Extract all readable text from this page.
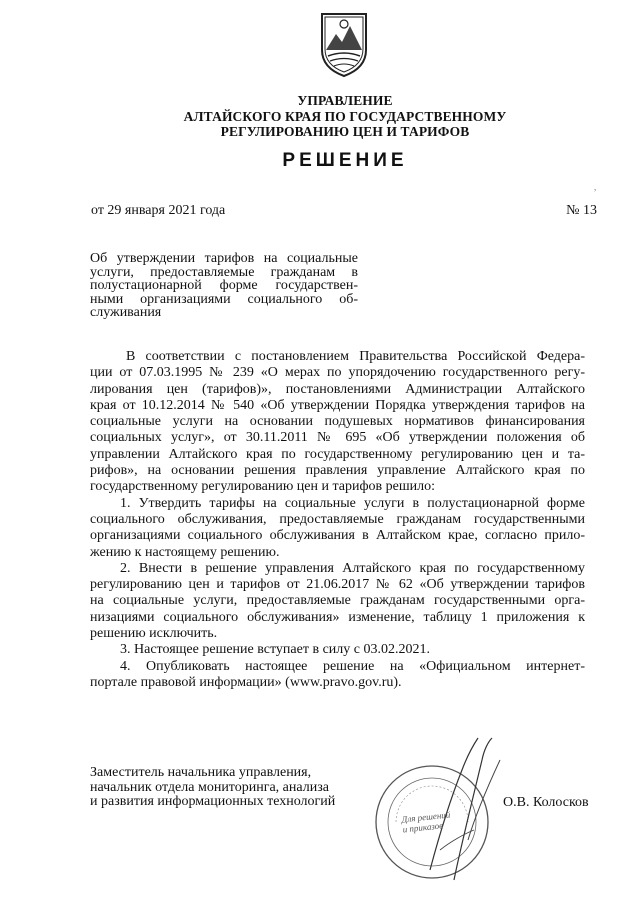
УПРАВЛЕНИЕ
АЛТАЙСКОГО КРАЯ ПО ГОСУДАРСТВЕННОМУ
РЕГУЛИРОВАНИЮ ЦЕН И ТАРИФОВ
РЕШЕНИЕ
,
от 29 января 2021 года	№ 13
Об утверждении тарифов на социальные
услуги, предоставляемые гражданам в
полустационарной форме государствен-
ными организациями социального об-
служивания
В соответствии с постановлением Правительства Российской Федера-
ции от 07.03.1995 № 239 «О мерах по упорядочению государственного регу-
лирования цен (тарифов)», постановлениями Администрации Алтайского
края от 10.12.2014 № 540 «Об утверждении Порядка утверждения тарифов на
социальные услуги на основании подушевых нормативов финансирования
социальных услуг», от 30.11.2011 № 695 «Об утверждении положения об
управлении Алтайского края по государственному регулированию цен и та-
рифов», на основании решения правления управление Алтайского края по
государственному регулированию цен и тарифов решило:
1. Утвердить тарифы на социальные услуги в полустационарной форме
социального обслуживания, предоставляемые гражданам государственными
организациями социального обслуживания в Алтайском крае, согласно прило-
жению к настоящему решению.
2. Внести в решение управления Алтайского края по государственному
регулированию цен и тарифов от 21.06.2017 № 62 «Об утверждении тарифов
на социальные услуги, предоставляемые гражданам государственными орга-
низациями социального обслуживания» изменение, таблицу 1 приложения к
решению исключить.
3. Настоящее решение вступает в силу с 03.02.2021.
4. Опубликовать настоящее решение на «Официальном интернет-
портале правовой информации» (www.pravo.gov.ru).
Заместитель начальника управления,
начальник отдела мониторинга, анализа
и развития информационных технологий
Для решений
и приказов
О.В. Колосков
